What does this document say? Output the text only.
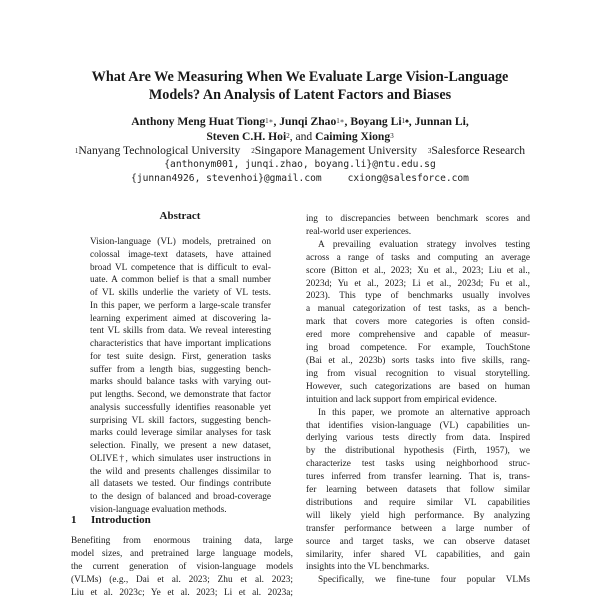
What Are We Measuring When We Evaluate Large Vision-Language
Models? An Analysis of Latent Factors and Biases
Anthony Meng Huat Tiong$^{1∗}$, Junqi Zhao$^{1∗}$, Boyang $Li^{1♠}$, Junnan Li,
Steven C.H. Hoi$^2$, and Caiming Xiong$^3$
$^1$Nanyang Technological University $^2$Singapore Management University $^3$Salesforce Research
{anthonym001, junqi.zhao, boyang.li}@ntu.edu.sg
{junnan4926, stevenhoi}@gmail.com	cxiong@salesforce.com
Abstract
Vision-language (VL) models, pretrained on
colossal image-text datasets, have attained
broad VL competence that is difficult to eval-
uate. A common belief is that a small number
of VL skills underlie the variety of VL tests.
In this paper, we perform a large-scale transfer
learning experiment aimed at discovering la-
tent VL skills from data. We reveal interesting
characteristics that have important implications
for test suite design. First, generation tasks
suffer from a length bias, suggesting bench-
marks should balance tasks with varying out-
put lengths. Second, we demonstrate that factor
analysis successfully identifies reasonable yet
surprising VL skill factors, suggesting bench-
marks could leverage similar analyses for task
selection. Finally, we present a new dataset,
OLIVE†, which simulates user instructions in
the wild and presents challenges dissimilar to
all datasets we tested. Our findings contribute
to the design of balanced and broad-coverage
vision-language evaluation methods.
1 Introduction
Benefiting from enormous training data, large
model sizes, and pretrained large language models,
the current generation of vision-language models
(VLMs) (e.g., Dai et al. 2023; Zhu et al. 2023;
Liu et al. 2023c; Ye et al. 2023; Li et al. 2023a;
ing to discrepancies between benchmark scores and
real-world user experiences.
A prevailing evaluation strategy involves testing
across a range of tasks and computing an average
score (Bitton et al., 2023; Xu et al., 2023; Liu et al.,
2023d; Yu et al., 2023; Li et al., 2023d; Fu et al.,
2023). This type of benchmarks usually involves
a manual categorization of test tasks, as a bench-
mark that covers more categories is often consid-
ered more comprehensive and capable of measur-
ing broad competence. For example, TouchStone
(Bai et al., 2023b) sorts tasks into five skills, rang-
ing from visual recognition to visual storytelling.
However, such categorizations are based on human
intuition and lack support from empirical evidence.
In this paper, we promote an alternative approach
that identifies vision-language (VL) capabilities un-
derlying various tests directly from data. Inspired
by the distributional hypothesis (Firth, 1957), we
characterize test tasks using neighborhood struc-
tures inferred from transfer learning. That is, trans-
fer learning between datasets that follow similar
distributions and require similar VL capabilities
will likely yield high performance. By analyzing
transfer performance between a large number of
source and target tasks, we can observe dataset
similarity, infer shared VL capabilities, and gain
insights into the VL benchmarks.
Specifically, we fine-tune four popular VLMs
